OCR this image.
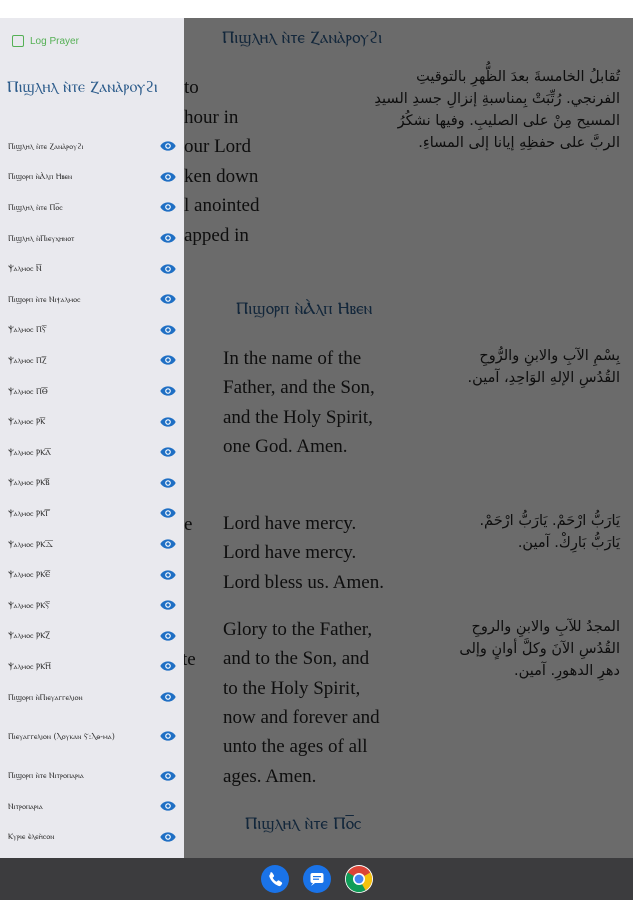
Log Prayer
Ⲡⲓϣⲗⲏⲗ ⲛ̀ⲧⲉ Ⲍⲁⲛⲁ̀ⲣⲟⲩϩⲓ
Ⲡⲓϣⲗⲏⲗ ⲛ̀ⲧⲉ Ⲍⲁⲛⲁ̀ⲣⲟⲩϩⲓ
Ⲡⲓϣⲟⲣⲡ ⲛ̀Ⲁ̀ⲗⲡ Ⲏⲃⲉⲛ
Ⲡⲓϣⲗⲏⲗ ⲛ̀ⲧⲉ Ⲡⲟ̅ⲥ
Ⲡⲓϣⲗⲏⲗ ⲛ̀Ⲡⲓⲉⲩⲭⲏⲛⲟⲧ
Ⲯⲁⲗⲙⲟⲥ Ⲛ̅
Ⲡⲓϣⲟⲣⲡ ⲛ̀ⲧⲉ Ⲛⲓⲯⲁⲗⲙⲟⲥ
Ⲯⲁⲗⲙⲟⲥ ⲠⲊ̅
Ⲯⲁⲗⲙⲟⲥ ⲠⲌ̅
Ⲯⲁⲗⲙⲟⲥ ⲠⲐ̅
Ⲯⲁⲗⲙⲟⲥ ⲢⲔ̅
Ⲯⲁⲗⲙⲟⲥ ⲢⲔⲀ̅
Ⲯⲁⲗⲙⲟⲥ ⲢⲔⲂ̅
Ⲯⲁⲗⲙⲟⲥ ⲢⲔⲄ̅
Ⲯⲁⲗⲙⲟⲥ ⲢⲔⲆ̅
Ⲯⲁⲗⲙⲟⲥ ⲢⲔⲈ̅
Ⲯⲁⲗⲙⲟⲥ ⲢⲔⲊ̅
Ⲯⲁⲗⲙⲟⲥ ⲢⲔⲌ̅
Ⲯⲁⲗⲙⲟⲥ ⲢⲔⲎ̅
Ⲡⲓϣⲟⲣⲡ ⲛ̀Ⲡⲓⲉⲩⲁⲅⲅⲉⲗⲓⲟⲛ
Ⲡⲓⲉⲩⲁⲅⲅⲉⲗⲓⲟⲛ (Ⲗⲟⲩⲕⲁⲛ Ⲋ:Ⲗⲑ-ⲙⲁ)
Ⲡⲓϣⲟⲣⲡ ⲛ̀ⲧⲉ Ⲛⲓⲧⲣⲟⲡⲁⲣⲓⲁ
Ⲛⲓⲧⲣⲟⲡⲁⲣⲓⲁ
Ⲕⲩⲣⲓⲉ ⲉ̀ⲗⲉⲏ̀ⲥⲟⲛ
